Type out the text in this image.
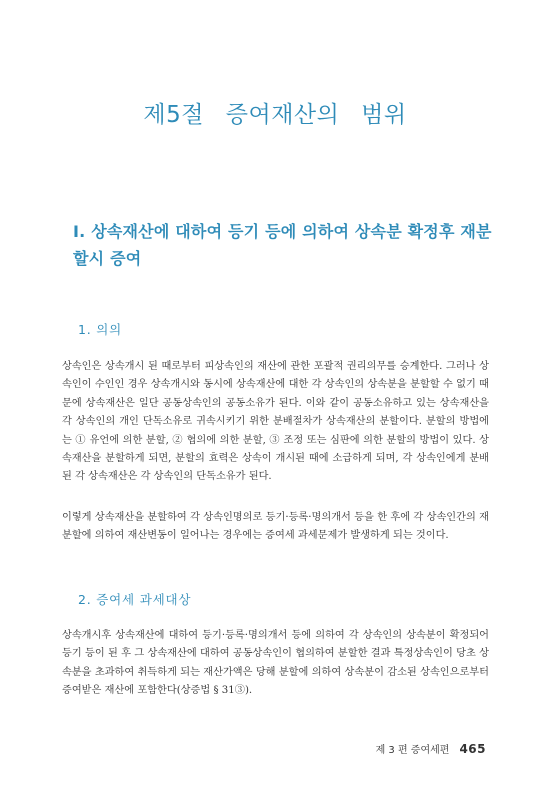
제5절 증여재산의 범위
Ⅰ. 상속재산에 대하여 등기 등에 의하여 상속분 확정후 재분할시 증여
1. 의의

상속인은 상속개시 된 때로부터 피상속인의 재산에 관한 포괄적 권리의무를 승계한다. 그러나 상속인이 수인인 경우 상속개시와 동시에 상속재산에 대한 각 상속인의 상속분을 분할할 수 없기 때문에 상속재산은 일단 공동상속인의 공동소유가 된다. 이와 같이 공동소유하고 있는 상속재산을 각 상속인의 개인 단독소유로 귀속시키기 위한 분배절차가 상속재산의 분할이다. 분할의 방법에는 ① 유언에 의한 분할, ② 협의에 의한 분할, ③ 조정 또는 심판에 의한 분할의 방법이 있다. 상속재산을 분할하게 되면, 분할의 효력은 상속이 개시된 때에 소급하게 되며, 각 상속인에게 분배된 각 상속재산은 각 상속인의 단독소유가 된다.

이렇게 상속재산을 분할하여 각 상속인명의로 등기·등록·명의개서 등을 한 후에 각 상속인간의 재분할에 의하여 재산변동이 일어나는 경우에는 증여세 과세문제가 발생하게 되는 것이다.

2. 증여세 과세대상

상속개시후 상속재산에 대하여 등기·등록·명의개서 등에 의하여 각 상속인의 상속분이 확정되어 등기 등이 된 후 그 상속재산에 대하여 공동상속인이 협의하여 분할한 결과 특정상속인이 당초 상속분을 초과하여 취득하게 되는 재산가액은 당해 분할에 의하여 상속분이 감소된 상속인으로부터 증여받은 재산에 포함한다(상증법 § 31③).

제 3 편 증여세편 465
